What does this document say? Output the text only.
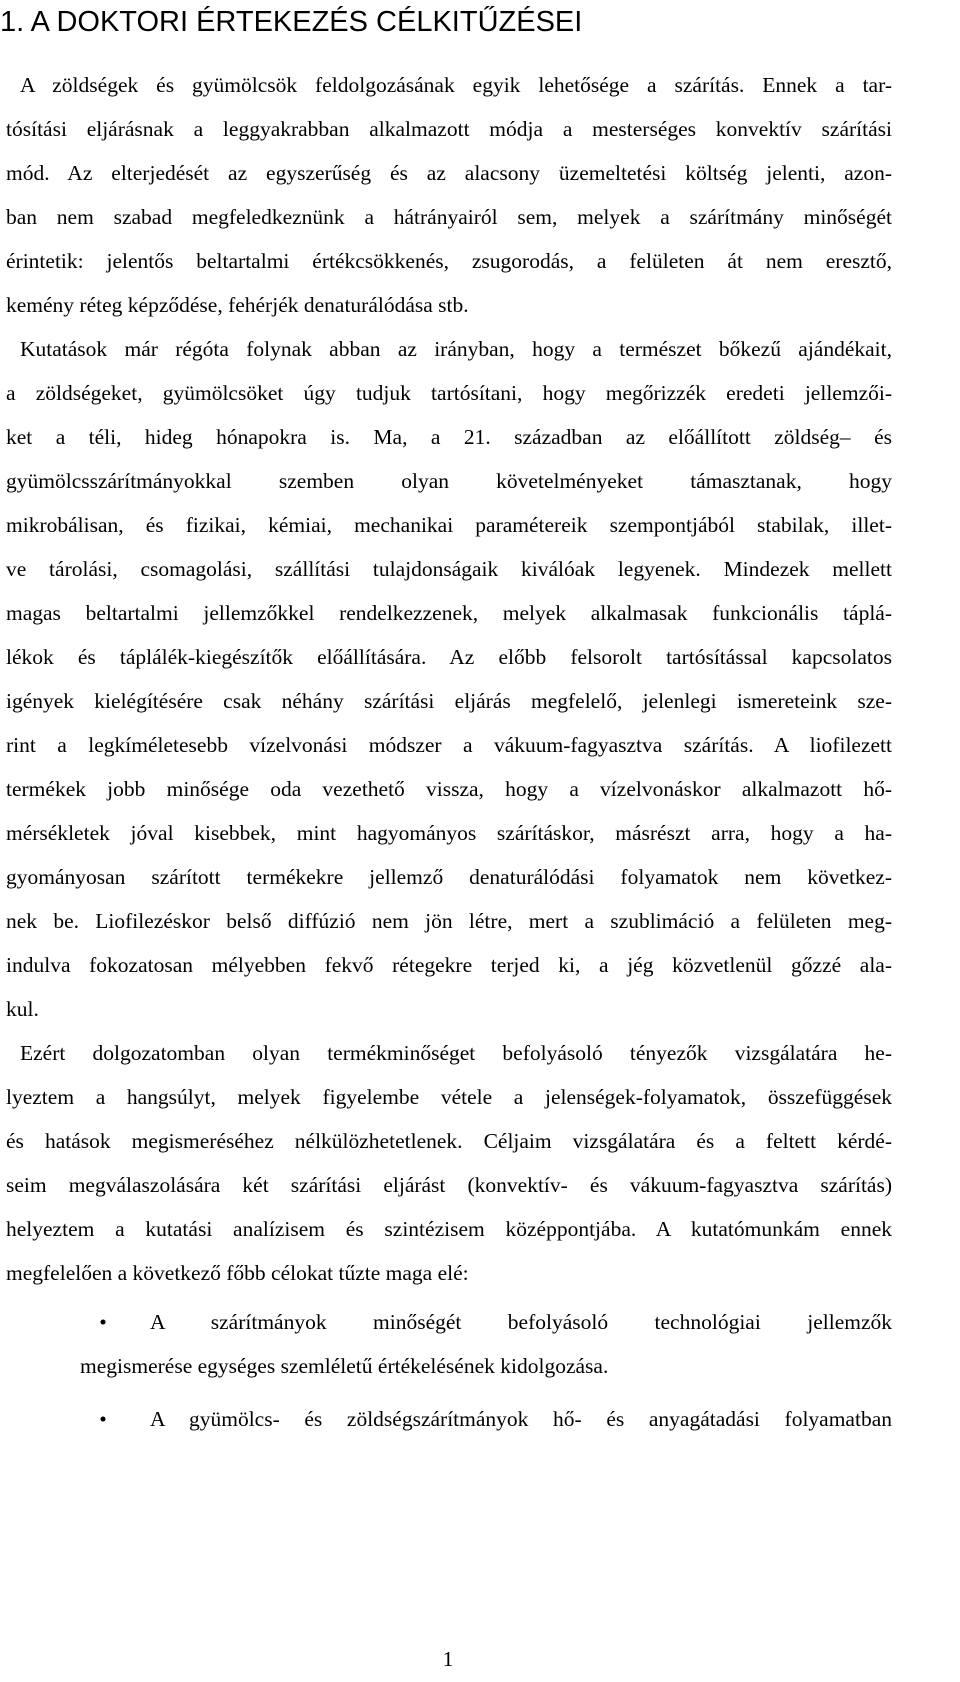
1. A DOKTORI ÉRTEKEZÉS CÉLKITŰZÉSEI
A zöldségek és gyümölcsök feldolgozásának egyik lehetősége a szárítás. Ennek a tar-
tósítási eljárásnak a leggyakrabban alkalmazott módja a mesterséges konvektív szárítási
mód. Az elterjedését az egyszerűség és az alacsony üzemeltetési költség jelenti, azon-
ban nem szabad megfeledkeznünk a hátrányairól sem, melyek a szárítmány minőségét
érintetik: jelentős beltartalmi értékcsökkenés, zsugorodás, a felületen át nem eresztő,
kemény réteg képződése, fehérjék denaturálódása stb.
Kutatások már régóta folynak abban az irányban, hogy a természet bőkezű ajándékait,
a zöldségeket, gyümölcsöket úgy tudjuk tartósítani, hogy megőrizzék eredeti jellemzői-
ket a téli, hideg hónapokra is. Ma, a 21. században az előállított zöldség– és
gyümölcsszárítmányokkal szemben olyan követelményeket támasztanak, hogy
mikrobálisan, és fizikai, kémiai, mechanikai paramétereik szempontjából stabilak, illet-
ve tárolási, csomagolási, szállítási tulajdonságaik kiválóak legyenek. Mindezek mellett
magas beltartalmi jellemzőkkel rendelkezzenek, melyek alkalmasak funkcionális táplá-
lékok és táplálék-kiegészítők előállítására. Az előbb felsorolt tartósítással kapcsolatos
igények kielégítésére csak néhány szárítási eljárás megfelelő, jelenlegi ismereteink sze-
rint a legkíméletesebb vízelvonási módszer a vákuum-fagyasztva szárítás. A liofilezett
termékek jobb minősége oda vezethető vissza, hogy a vízelvonáskor alkalmazott hő-
mérsékletek jóval kisebbek, mint hagyományos szárításkor, másrészt arra, hogy a ha-
gyományosan szárított termékekre jellemző denaturálódási folyamatok nem következ-
nek be. Liofilezéskor belső diffúzió nem jön létre, mert a szublimáció a felületen meg-
indulva fokozatosan mélyebben fekvő rétegekre terjed ki, a jég közvetlenül gőzzé ala-
kul.
Ezért dolgozatomban olyan termékminőséget befolyásoló tényezők vizsgálatára he-
lyeztem a hangsúlyt, melyek figyelembe vétele a jelenségek-folyamatok, összefüggések
és hatások megismeréséhez nélkülözhetetlenek. Céljaim vizsgálatára és a feltett kérdé-
seim megválaszolására két szárítási eljárást (konvektív- és vákuum-fagyasztva szárítás)
helyeztem a kutatási analízisem és szintézisem középpontjába. A kutatómunkám ennek
megfelelően a következő főbb célokat tűzte maga elé:
• A szárítmányok minőségét befolyásoló technológiai jellemzők
megismerése egységes szemléletű értékelésének kidolgozása.
• A gyümölcs- és zöldségszárítmányok hő- és anyagátadási folyamatban
1
